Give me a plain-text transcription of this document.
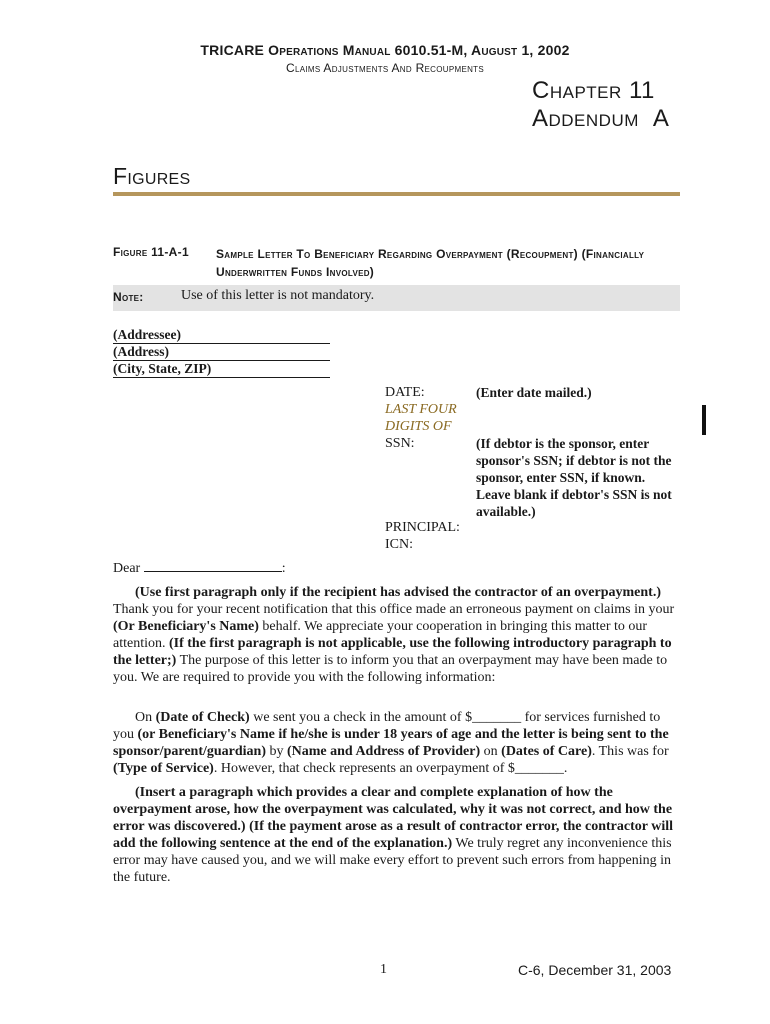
TRICARE Operations Manual 6010.51-M, August 1, 2002
Claims Adjustments And Recoupments
Chapter 11
Addendum A
Figures
Figure 11-A-1 Sample Letter To Beneficiary Regarding Overpayment (Recoupment) (Financially Underwritten Funds Involved)
Note:	Use of this letter is not mandatory.
(Addressee)
(Address)
(City, State, ZIP)
DATE:	(Enter date mailed.)
LAST FOUR
DIGITS OF
SSN:	(If debtor is the sponsor, enter sponsor's SSN; if debtor is not the sponsor, enter SSN, if known. Leave blank if debtor's SSN is not available.)
PRINCIPAL:
ICN:
Dear	:
(Use first paragraph only if the recipient has advised the contractor of an overpayment.) Thank you for your recent notification that this office made an erroneous payment on claims in your (Or Beneficiary's Name) behalf. We appreciate your cooperation in bringing this matter to our attention. (If the first paragraph is not applicable, use the following introductory paragraph to the letter;) The purpose of this letter is to inform you that an overpayment may have been made to you. We are required to provide you with the following information:
On (Date of Check) we sent you a check in the amount of $_______ for services furnished to you (or Beneficiary's Name if he/she is under 18 years of age and the letter is being sent to the sponsor/parent/guardian) by (Name and Address of Provider) on (Dates of Care). This was for (Type of Service). However, that check represents an overpayment of $_______.
(Insert a paragraph which provides a clear and complete explanation of how the overpayment arose, how the overpayment was calculated, why it was not correct, and how the error was discovered.) (If the payment arose as a result of contractor error, the contractor will add the following sentence at the end of the explanation.) We truly regret any inconvenience this error may have caused you, and we will make every effort to prevent such errors from happening in the future.
1	C-6, December 31, 2003
